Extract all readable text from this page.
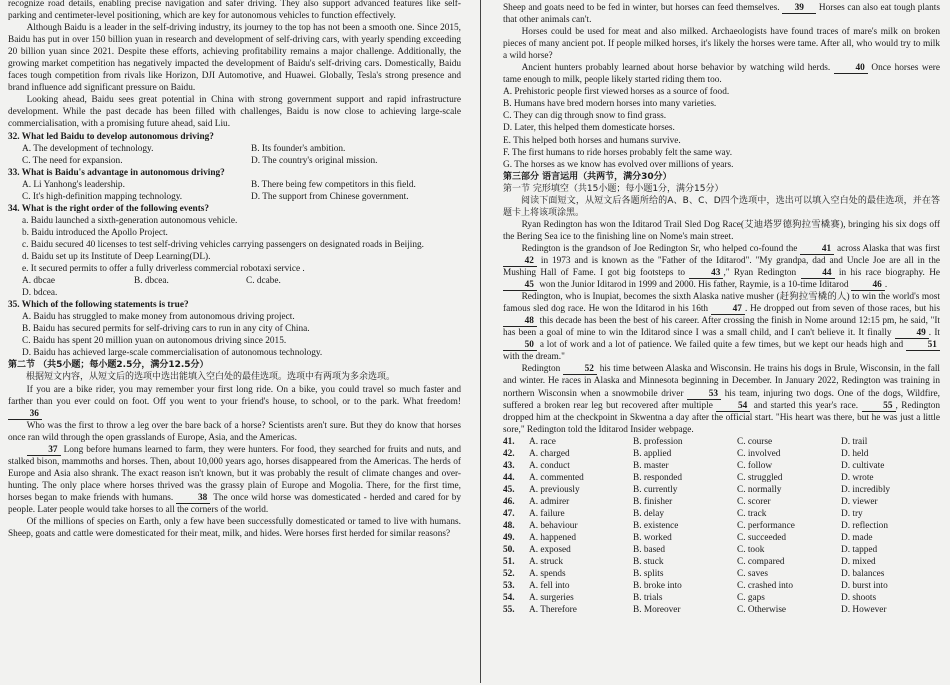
recognize road details, enabling precise navigation and safer driving. They also support advanced features like self-parking and centimeter-level positioning, which are key for autonomous vehicles to function effectively.

Although Baidu is a leader in the self-driving industry, its journey to the top has not been a smooth one. Since 2015, Baidu has put in over 150 billion yuan in research and development of self-driving cars, with yearly spending exceeding 20 billion yuan since 2021. Despite these efforts, achieving profitability remains a major challenge. Additionally, the growing market competition has negatively impacted the development of Baidu's self-driving cars. Domestically, Baidu faces tough competition from rivals like Horizon, DJI Automotive, and Huawei. Globally, Tesla's strong presence and brand influence add significant pressure on Baidu.

Looking ahead, Baidu sees great potential in China with strong government support and rapid infrastructure development. While the past decade has been filled with challenges, Baidu is now close to achieving large-scale commercialisation, with a promising future ahead, said Liu.

32. What led Baidu to develop autonomous driving?

A. The development of technology.	B. Its founder's ambition.
C. The need for expansion.	D. The country's original mission.

33. What is Baidu's advantage in autonomous driving?

A. Li Yanhong's leadership.	B. There being few competitors in this field.
C. It's high-definition mapping technology.	D. The support from Chinese government.

34. What is the right order of the following events?

a. Baidu launched a sixth-generation autonomous vehicle.

b. Baidu introduced the Apollo Project.

c. Baidu secured 40 licenses to test self-driving vehicles carrying passengers on designated roads in Beijing.

d. Baidu set up its Institute of Deep Learning(DL).

e. It secured permits to offer a fully driverless commercial robotaxi service .

A. dbcae	B. dbcea.	C. dcabe.
D. bdcea.

35. Which of the following statements is true?

A. Baidu has struggled to make money from autonomous driving project.

B. Baidu has secured permits for self-driving cars to run in any city of China.

C. Baidu has spent 20 million yuan on autonomous driving since 2015.

D. Baidu has achieved large-scale commercialisation of autonomous technology.

第二节 （共5小题；每小题2.5分，满分12.5分）

根据短文内容，从短文后的选项中选出能填入空白处的最佳选项。选项中有两项为多余选项。

If you are a bike rider, you may remember your first long ride. On a bike, you could travel so much faster and farther than you ever could on foot. Off you went to your friend's house, to school, or to the park. What freedom! 36

Who was the first to throw a leg over the bare back of a horse? Scientists aren't sure. But they do know that horses once ran wild through the open grasslands of Europe, Asia, and the Americas.

37 Long before humans learned to farm, they were hunters. For food, they searched for fruits and nuts, and stalked bison, mammoths and horses. Then, about 10,000 years ago, horses disappeared from the Americas. The herds of Europe and Asia also shrank. The exact reason isn't known, but it was probably the result of climate changes and over-hunting. The only place where horses thrived was the grassy plain of Europe and Mogolia. There, for the first time, horses began to make friends with humans.	38 The once wild horse was domesticated - herded and cared for by people. Later people would take horses to all the corners of the world.

Of the millions of species on Earth, only a few have been successfully domesticated or tamed to live with humans. Sheep, goats and cattle were domesticated for their meat, milk, and hides. Were horses first herded for similar reasons?

Sheep and goats need to be fed in winter, but horses can feed themselves. 39 Horses can also eat tough plants that other animals can't.

Horses could be used for meat and also milked. Archaeologists have found traces of mare's milk on broken pieces of many ancient pot. If people milked horses, it's likely the horses were tame. After all, who would try to milk a wild horse?

Ancient hunters probably learned about horse behavior by watching wild herds.	40 Once horses were tame enough to milk, people likely started riding them too.

A. Prehistoric people first viewed horses as a source of food.

B. Humans have bred modern horses into many varieties.

C. They can dig through snow to find grass.

D. Later, this helped them domesticate horses.

E. This helped both horses and humans survive.

F. The first humans to ride horses probably felt the same way.

G. The horses as we know has evolved over millions of years.

第三部分 语言运用（共两节，满分30分）

第一节 完形填空（共15小题；每小题1分，满分15分）

阅读下面短文，从短文后各题所给的A、B、C、D四个选项中，选出可以填入空白处的最佳选项，并在答题卡上将该项涂黑。

Ryan Redington has won the Iditarod Trail Sled Dog Race(艾迪塔罗德狗拉雪橇赛), bringing his six dogs off the Bering Sea ice to the finishing line on Nome's main street.

Redington is the grandson of Joe Redington Sr, who helped co-found the	41 across Alaska that was first 42 in 1973 and is known as the "Father of the Iditarod". "My grandpa, dad and Uncle Joe are all in the Mushing Hall of Fame. I got big footsteps to	43 ," Ryan Redington	44 in his race biography. He 45 won the Junior Iditarod in 1999 and 2000. His father, Raymie, is a 10-time Iditarod	46 .

Redington, who is Inupiat, becomes the sixth Alaska native musher (赶狗拉雪橇的人) to win the world's most famous sled dog race. He won the Iditarod in his 16th	47 . He dropped out from seven of those races, but his 48 this decade has been the best of his career. After crossing the finish in Nome around 12:15 pm, he said, "It has been a goal of mine to win the Iditarod since I was a small child, and I can't believe it. It finally	49 . It 50 a lot of work and a lot of patience. We failed quite a few times, but we kept our heads high and	51 with the dream."

Redington	52 his time between Alaska and Wisconsin. He trains his dogs in Brule, Wisconsin, in the fall and winter. He races in Alaska and Minnesota beginning in December. In January 2022, Redington was training in northern Wisconsin when a snowmobile driver	53 his team, injuring two dogs. One of the dogs, Wildfire, suffered a broken rear leg but recovered after multiple	54 and started this year's race.	55 , Redington dropped him at the checkpoint in Skwentna a day after the official start. "His heart was there, but he was just a little sore," Redington told the Iditarod Insider webpage.

41.	A. race	B. profession	C. course	D. trail
42.	A. charged	B. applied	C. involved	D. held
43.	A. conduct	B. master	C. follow	D. cultivate
44.	A. commented	B. responded	C. struggled	D. wrote
45.	A. previously	B. currently	C. normally	D. incredibly
46.	A. admirer	B. finisher	C. scorer	D. viewer
47.	A. failure	B. delay	C. track	D. try
48.	A. behaviour	B. existence	C. performance	D. reflection
49.	A. happened	B. worked	C. succeeded	D. made
50.	A. exposed	B. based	C. took	D. tapped
51.	A. struck	B. stuck	C. compared	D. mixed
52.	A. spends	B. splits	C. saves	D. balances
53.	A. fell into	B. broke into	C. crashed into	D. burst into
54.	A. surgeries	B. trials	C. gaps	D. shoots
55.	A. Therefore	B. Moreover	C. Otherwise	D. However
